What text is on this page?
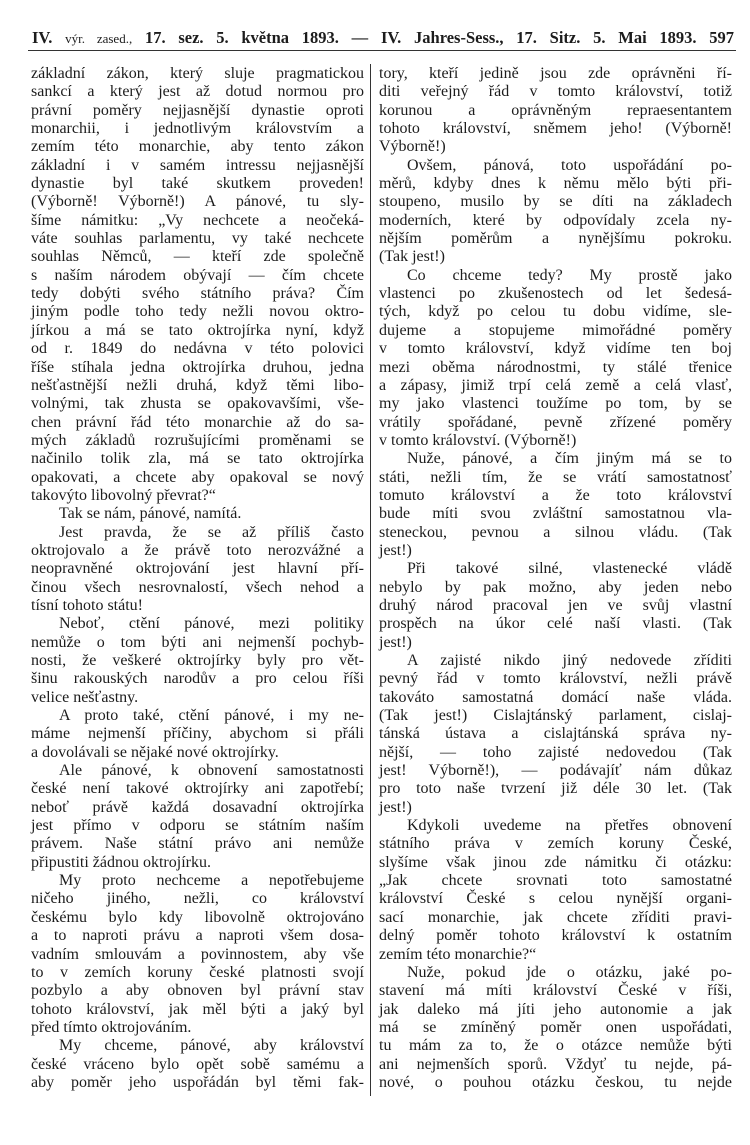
IV. výr. zased., 17. sez. 5. května 1893. — IV. Jahres-Sess., 17. Sitz. 5. Mai 1893. 597
základní zákon, který sluje pragmatickou
sankcí a který jest až dotud normou pro
právní poměry nejjasnější dynastie oproti
monarchii, i jednotlivým královstvím a
zemím této monarchie, aby tento zákon
základní i v samém intressu nejjasnější
dynastie byl také skutkem proveden!
(Výborně! Výborně!) A pánové, tu sly-
šíme námitku: „Vy nechcete a neočeká-
váte souhlas parlamentu, vy také nechcete
souhlas Němců, — kteří zde společně
s naším národem obývají — čím chcete
tedy dobýti svého státního práva? Čím
jiným podle toho tedy nežli novou oktro-
jírkou a má se tato oktrojírka nyní, když
od r. 1849 do nedávna v této polovici
říše stíhala jedna oktrojírka druhou, jedna
nešťastnější nežli druhá, když těmi libo-
volnými, tak zhusta se opakovavšími, vše-
chen právní řád této monarchie až do sa-
mých základů rozrušujícími proměnami se
načinilo tolik zla, má se tato oktrojírka
opakovati, a chcete aby opakoval se nový
takovýto libovolný převrat?“
Tak se nám, pánové, namítá.
Jest pravda, že se až příliš často
oktrojovalo a že právě toto nerozvážné a
neopravněné oktrojování jest hlavní pří-
činou všech nesrovnalostí, všech nehod a
tísní tohoto státu!
Neboť, ctění pánové, mezi politiky
nemůže o tom býti ani nejmenší pochyb-
nosti, že veškeré oktrojírky byly pro vět-
šinu rakouských narodův a pro celou říši
velice nešťastny.
A proto také, ctění pánové, i my ne-
máme nejmenší příčiny, abychom si přáli
a dovolávali se nějaké nové oktrojírky.
Ale pánové, k obnovení samostatnosti
české není takové oktrojírky ani zapotřebí;
neboť právě každá dosavadní oktrojírka
jest přímo v odporu se státním naším
právem. Naše státní právo ani nemůže
připustiti žádnou oktrojírku.
My proto nechceme a nepotřebujeme
ničeho jiného, nežli, co království
českému bylo kdy libovolně oktrojováno
a to naproti právu a naproti všem dosa-
vadním smlouvám a povinnostem, aby vše
to v zemích koruny české platnosti svojí
pozbylo a aby obnoven byl právní stav
tohoto království, jak měl býti a jaký byl
před tímto oktrojováním.
My chceme, pánové, aby království
české vráceno bylo opět sobě samému a
aby poměr jeho uspořádán byl těmi fak-
tory, kteří jedině jsou zde oprávněni ří-
diti veřejný řád v tomto království, totiž
korunou a oprávněným repraesentantem
tohoto království, sněmem jeho! (Výborně!
Výborně!)
Ovšem, pánová, toto uspořádání po-
měrů, kdyby dnes k němu mělo býti při-
stoupeno, musilo by se díti na základech
moderních, které by odpovídaly zcela ny-
nějším poměrům a nynějšímu pokroku.
(Tak jest!)
Co chceme tedy? My prostě jako
vlastenci po zkušenostech od let šedesá-
tých, když po celou tu dobu vidíme, sle-
dujeme a stopujeme mimořádné poměry
v tomto království, když vidíme ten boj
mezi oběma národnostmi, ty stálé třenice
a zápasy, jimiž trpí celá země a celá vlasť,
my jako vlastenci toužíme po tom, by se
vrátily spořádané, pevně zřízené poměry
v tomto království. (Výborně!)
Nuže, pánové, a čím jiným má se to
státi, nežli tím, že se vrátí samostatnosť
tomuto království a že toto království
bude míti svou zvláštní samostatnou vla-
steneckou, pevnou a silnou vládu. (Tak
jest!)
Při takové silné, vlastenecké vládě
nebylo by pak možno, aby jeden nebo
druhý národ pracoval jen ve svůj vlastní
prospěch na úkor celé naší vlasti. (Tak
jest!)
A zajisté nikdo jiný nedovede zříditi
pevný řád v tomto království, nežli právě
takováto samostatná domácí naše vláda.
(Tak jest!) Cislajtánský parlament, cislaj-
tánská ústava a cislajtánská správa ny-
nější, — toho zajisté nedovedou (Tak
jest! Výborně!), — podávajíť nám důkaz
pro toto naše tvrzení již déle 30 let. (Tak
jest!)
Kdykoli uvedeme na přetřes obnovení
státního práva v zemích koruny České,
slyšíme však jinou zde námitku či otázku:
„Jak chcete srovnati toto samostatné
království České s celou nynější organi-
sací monarchie, jak chcete zříditi pravi-
delný poměr tohoto království k ostatním
zemím této monarchie?“
Nuže, pokud jde o otázku, jaké po-
stavení má míti království České v říši,
jak daleko má jíti jeho autonomie a jak
má se zmíněný poměr onen uspořádati,
tu mám za to, že o otázce nemůže býti
ani nejmenších sporů. Vždyť tu nejde, pá-
nové, o pouhou otázku českou, tu nejde
